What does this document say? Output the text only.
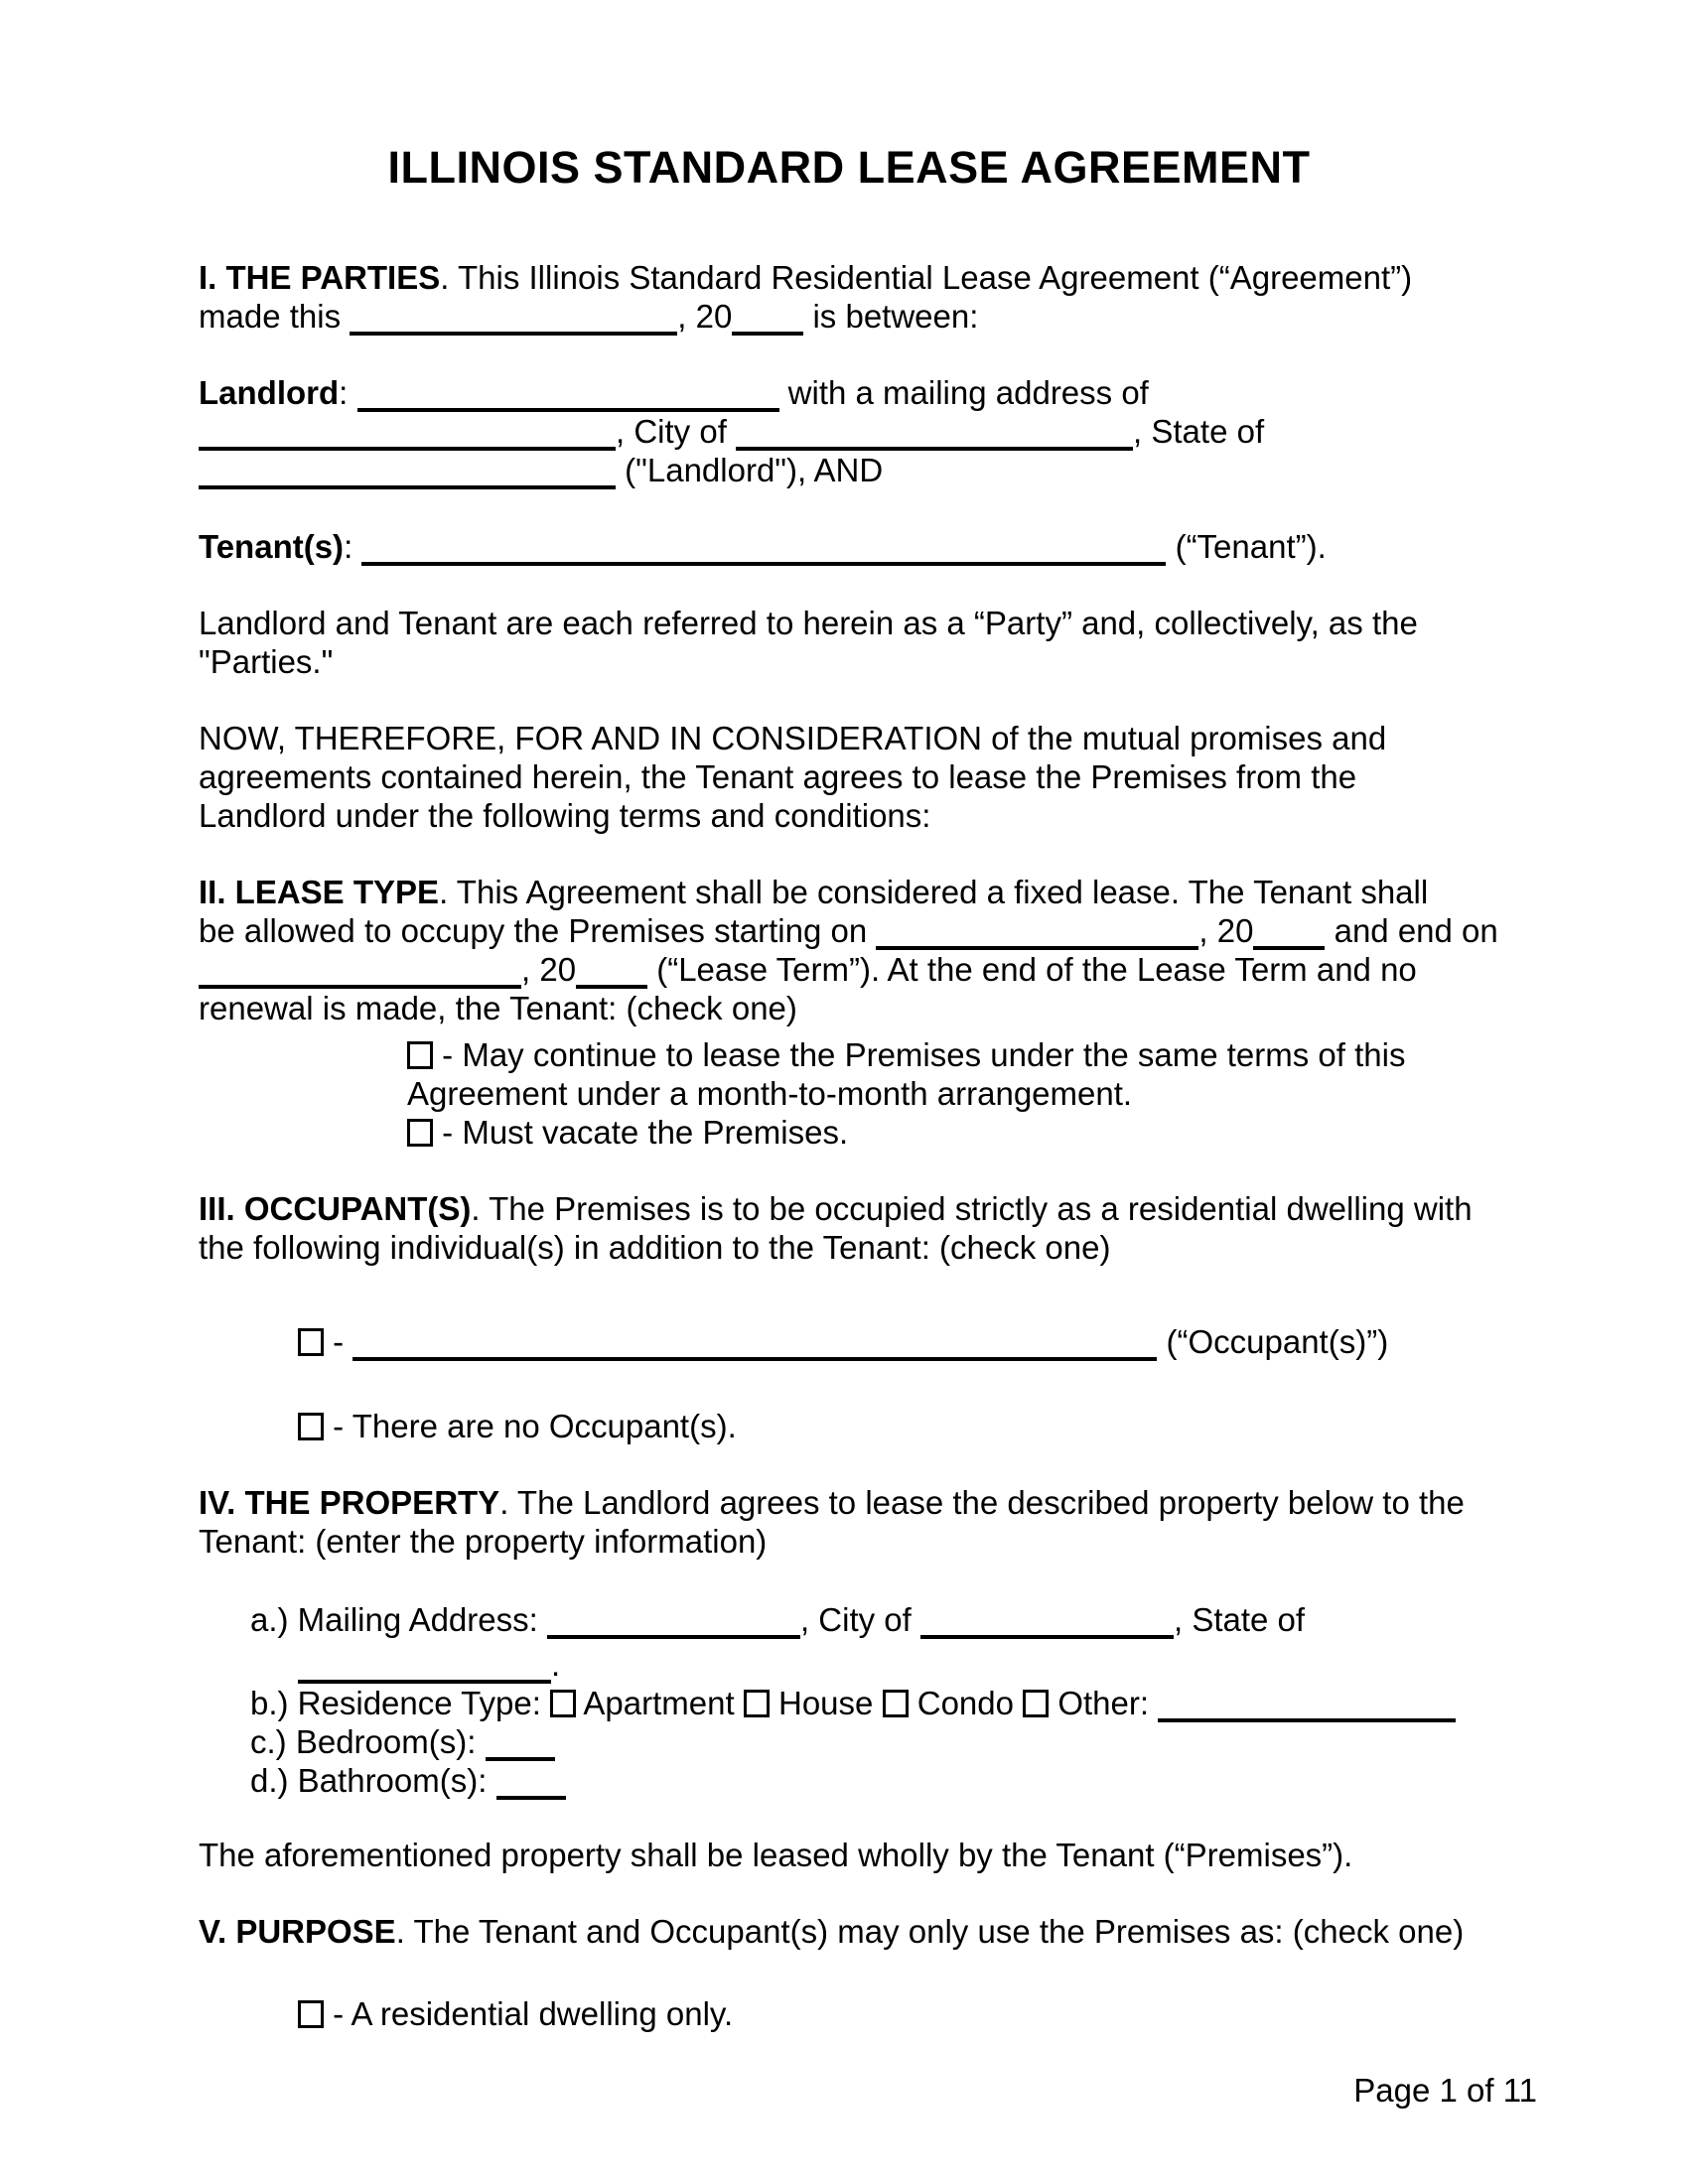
ILLINOIS STANDARD LEASE AGREEMENT
I. THE PARTIES. This Illinois Standard Residential Lease Agreement (“Agreement”)
made this	, 20 is between:
Landlord:	with a mailing address of
, City of	, State of
("Landlord"), AND
Tenant(s):	(“Tenant”).
Landlord and Tenant are each referred to herein as a “Party” and, collectively, as the
"Parties."
NOW, THEREFORE, FOR AND IN CONSIDERATION of the mutual promises and
agreements contained herein, the Tenant agrees to lease the Premises from the
Landlord under the following terms and conditions:
II. LEASE TYPE. This Agreement shall be considered a fixed lease. The Tenant shall
be allowed to occupy the Premises starting on	, 20 and end on
, 20 (“Lease Term”). At the end of the Lease Term and no
renewal is made, the Tenant: (check one)
- May continue to lease the Premises under the same terms of this
Agreement under a month-to-month arrangement.
- Must vacate the Premises.
III. OCCUPANT(S). The Premises is to be occupied strictly as a residential dwelling with
the following individual(s) in addition to the Tenant: (check one)
-	(“Occupant(s)”)
- There are no Occupant(s).
IV. THE PROPERTY. The Landlord agrees to lease the described property below to the
Tenant: (enter the property information)
a.) Mailing Address:	, City of	, State of
.
b.) Residence Type:  Apartment  House  Condo  Other:
c.) Bedroom(s):
d.) Bathroom(s):
The aforementioned property shall be leased wholly by the Tenant (“Premises”).
V. PURPOSE. The Tenant and Occupant(s) may only use the Premises as: (check one)
- A residential dwelling only.
Page 1 of 11
